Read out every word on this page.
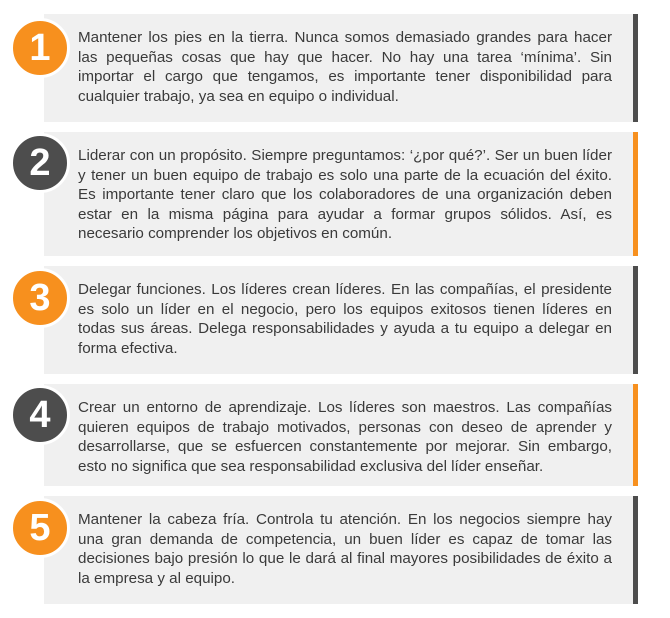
Mantener los pies en la tierra. Nunca somos demasiado grandes para hacer las pequeñas cosas que hay que hacer. No hay una tarea ‘mínima’. Sin importar el cargo que tengamos, es importante tener disponibilidad para cualquier trabajo, ya sea en equipo o individual.

1

Liderar con un propósito. Siempre preguntamos: ‘¿por qué?’. Ser un buen líder y tener un buen equipo de trabajo es solo una parte de la ecuación del éxito. Es importante tener claro que los colaboradores de una organización deben estar en la misma página para ayudar a formar grupos sólidos. Así, es necesario comprender los objetivos en común.

2

Delegar funciones. Los líderes crean líderes. En las compañías, el presidente es solo un líder en el negocio, pero los equipos exitosos tienen líderes en todas sus áreas. Delega responsabilidades y ayuda a tu equipo a delegar en forma efectiva.

3

Crear un entorno de aprendizaje. Los líderes son maestros. Las compañías quieren equipos de trabajo motivados, personas con deseo de aprender y desarrollarse, que se esfuercen constantemente por mejorar. Sin embargo, esto no significa que sea responsabilidad exclusiva del líder enseñar.

4

Mantener la cabeza fría. Controla tu atención. En los negocios siempre hay una gran demanda de competencia, un buen líder es capaz de tomar las decisiones bajo presión lo que le dará al final mayores posibilidades de éxito a la empresa y al equipo.

5
